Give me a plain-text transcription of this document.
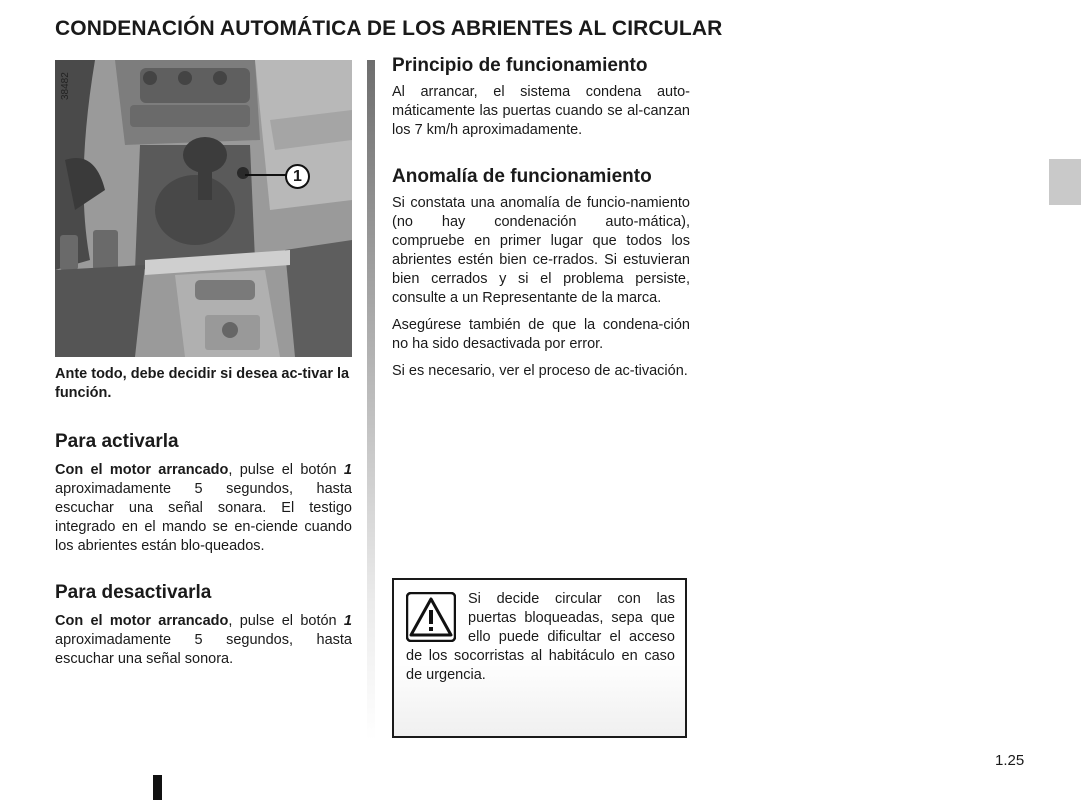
CONDENACIÓN AUTOMÁTICA DE LOS ABRIENTES AL CIRCULAR
38482
1

Ante todo, debe decidir si desea ac-tivar la función.

Para activarla

Con el motor arrancado, pulse el botón 1 aproximadamente 5 segundos, hasta escuchar una señal sonara. El testigo integrado en el mando se en-ciende cuando los abrientes están blo-queados.

Para desactivarla

Con el motor arrancado, pulse el botón 1 aproximadamente 5 segundos, hasta escuchar una señal sonora.

Principio de funcionamiento

Al arrancar, el sistema condena auto-máticamente las puertas cuando se al-canzan los 7 km/h aproximadamente.

Anomalía de funcionamiento

Si constata una anomalía de funcio-namiento (no hay condenación auto-mática), compruebe en primer lugar que todos los abrientes estén bien ce-rrados. Si estuvieran bien cerrados y si el problema persiste, consulte a un Representante de la marca.

Asegúrese también de que la condena-ción no ha sido desactivada por error.

Si es necesario, ver el proceso de ac-tivación.

Si decide circular con las puertas bloqueadas, sepa que ello puede dificultar el acceso de los socorristas al habitáculo en caso de urgencia.

1.25
